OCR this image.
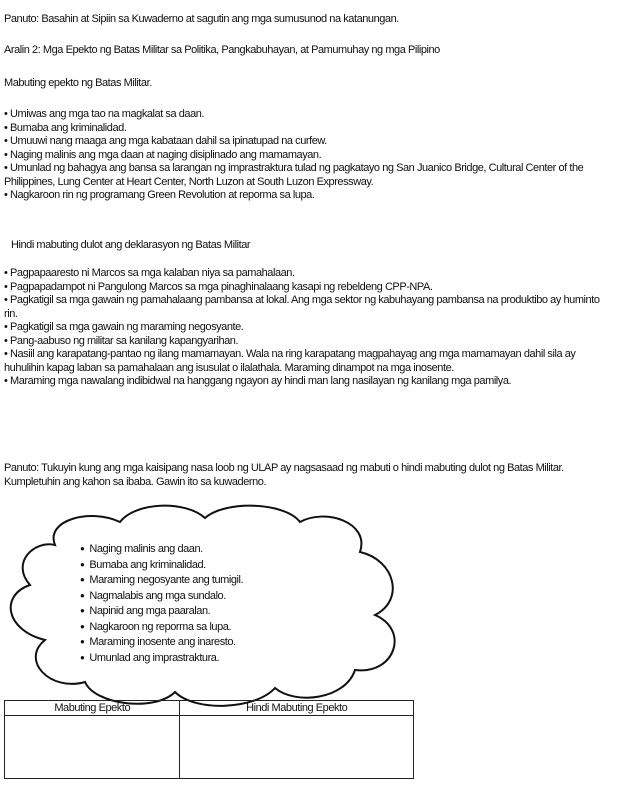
Panuto: Basahin at Sipiin sa Kuwaderno at sagutin ang mga sumusunod na katanungan.
Aralin 2: Mga Epekto ng Batas Militar sa Politika, Pangkabuhayan, at Pamumuhay ng mga Pilipino
Mabuting epekto ng Batas Militar.
• Umiwas ang mga tao na magkalat sa daan.
• Bumaba ang kriminalidad.
• Umuuwi nang maaga ang mga kabataan dahil sa ipinatupad na curfew.
• Naging malinis ang mga daan at naging disiplinado ang mamamayan.
• Umunlad ng bahagya ang bansa sa larangan ng imprastraktura tulad ng pagkatayo ng San Juanico Bridge, Cultural Center of the Philippines, Lung Center at Heart Center, North Luzon at South Luzon Expressway.
• Nagkaroon rin ng programang Green Revolution at reporma sa lupa.
Hindi mabuting dulot ang deklarasyon ng Batas Militar
• Pagpapaaresto ni Marcos sa mga kalaban niya sa pamahalaan.
• Pagpapadampot ni Pangulong Marcos sa mga pinaghinalaang kasapi ng rebeldeng CPP-NPA.
• Pagkatigil sa mga gawain ng pamahalaang pambansa at lokal. Ang mga sektor ng kabuhayang pambansa na produktibo ay huminto rin.
• Pagkatigil sa mga gawain ng maraming negosyante.
• Pang-aabuso ng militar sa kanilang kapangyarihan.
• Nasiil ang karapatang-pantao ng ilang mamamayan. Wala na ring karapatang magpahayag ang mga mamamayan dahil sila ay huhulihin kapag laban sa pamahalaan ang isusulat o ilalathala. Maraming dinampot na mga inosente.
• Maraming mga nawalang indibidwal na hanggang ngayon ay hindi man lang nasilayan ng kanilang mga pamilya.

Panuto: Tukuyin kung ang mga kaisipang nasa loob ng ULAP ay nagsasaad ng mabuti o hindi mabuting dulot ng Batas Militar. Kumpletuhin ang kahon sa ibaba. Gawin ito sa kuwaderno.

● Naging malinis ang daan.
● Bumaba ang kriminalidad.
● Maraming negosyante ang tumigil.
● Nagmalabis ang mga sundalo.
● Napinid ang mga paaralan.
● Nagkaroon ng reporma sa lupa.
● Maraming inosente ang inaresto.
● Umunlad ang imprastraktura.
Mabuting Epekto	Hindi Mabuting Epekto
